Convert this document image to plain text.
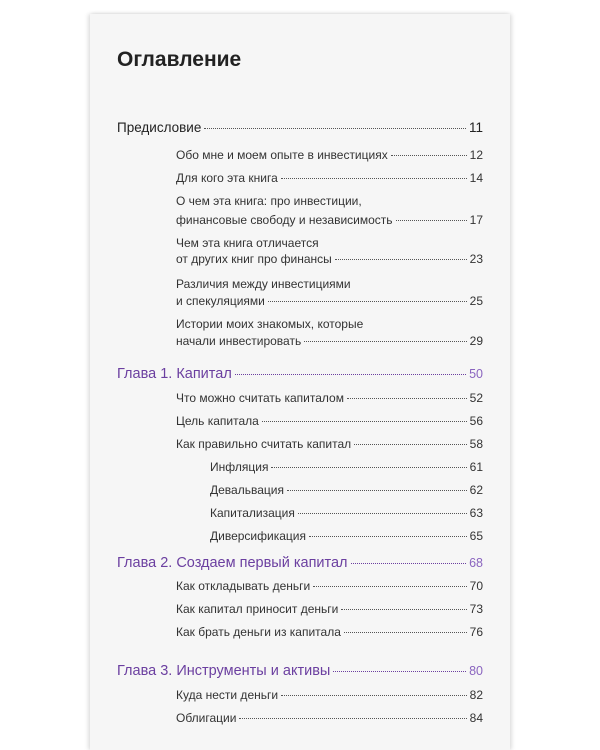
Оглавление
Предисловие	11
Обо мне и моем опыте в инвестициях	12
Для кого эта книга	14
О чем эта книга: про инвестиции,
финансовые свободу и независимость	17
Чем эта книга отличается
от других книг про финансы	23
Различия между инвестициями
и спекуляциями	25
Истории моих знакомых, которые
начали инвестировать	29
Глава 1. Капитал	50
Что можно считать капиталом	52
Цель капитала	56
Как правильно считать капитал	58
Инфляция	61
Девальвация	62
Капитализация	63
Диверсификация	65
Глава 2. Создаем первый капитал	68
Как откладывать деньги	70
Как капитал приносит деньги	73
Как брать деньги из капитала	76
Глава 3. Инструменты и активы	80
Куда нести деньги	82
Облигации	84
